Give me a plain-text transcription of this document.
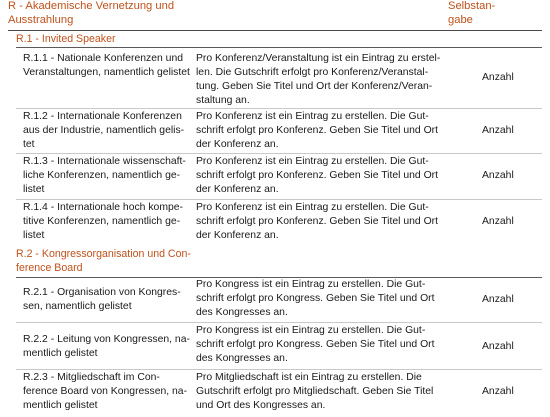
R - Akademische Vernetzung und
Ausstrahlung
Selbstan-
gabe
R.1 - Invited Speaker
R.1.1 - Nationale Konferenzen und
Veranstaltungen, namentlich gelistet
Pro Konferenz/Veranstaltung ist ein Eintrag zu erstel-
len. Die Gutschrift erfolgt pro Konferenz/Veranstal-
tung. Geben Sie Titel und Ort der Konferenz/Veran-
staltung an.
Anzahl
R.1.2 - Internationale Konferenzen
aus der Industrie, namentlich gelis-
tet
Pro Konferenz ist ein Eintrag zu erstellen. Die Gut-
schrift erfolgt pro Konferenz. Geben Sie Titel und Ort
der Konferenz an.
Anzahl
R.1.3 - Internationale wissenschaft-
liche Konferenzen, namentlich ge-
listet
Pro Konferenz ist ein Eintrag zu erstellen. Die Gut-
schrift erfolgt pro Konferenz. Geben Sie Titel und Ort
der Konferenz an.
Anzahl
R.1.4 - Internationale hoch kompe-
titive Konferenzen, namentlich ge-
listet
Pro Konferenz ist ein Eintrag zu erstellen. Die Gut-
schrift erfolgt pro Konferenz. Geben Sie Titel und Ort
der Konferenz an.
Anzahl
R.2 - Kongressorganisation und Con-
ference Board
R.2.1 - Organisation von Kongres-
sen, namentlich gelistet
Pro Kongress ist ein Eintrag zu erstellen. Die Gut-
schrift erfolgt pro Kongress. Geben Sie Titel und Ort
des Kongresses an.
Anzahl
R.2.2 - Leitung von Kongressen, na-
mentlich gelistet
Pro Kongress ist ein Eintrag zu erstellen. Die Gut-
schrift erfolgt pro Kongress. Geben Sie Titel und Ort
des Kongresses an.
Anzahl
R.2.3 - Mitgliedschaft im Con-
ference Board von Kongressen, na-
mentlich gelistet
Pro Mitgliedschaft ist ein Eintrag zu erstellen. Die
Gutschrift erfolgt pro Mitgliedschaft. Geben Sie Titel
und Ort des Kongresses an.
Anzahl
